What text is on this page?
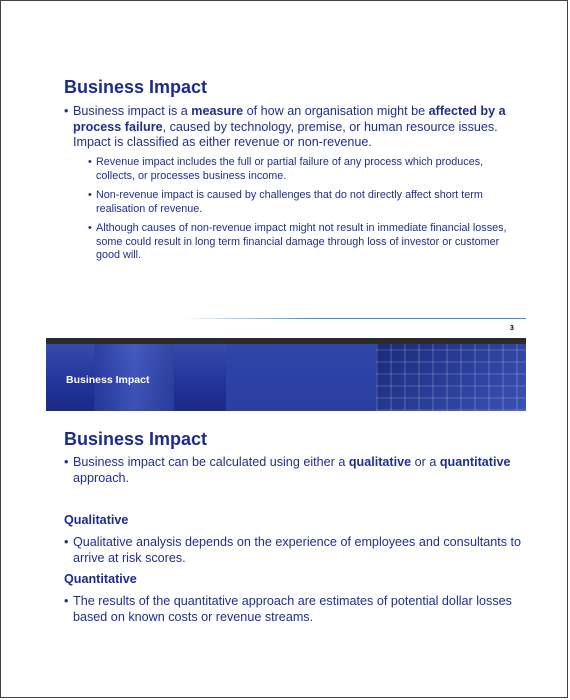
Business Impact
• Business impact is a measure of how an organisation might be affected by a process failure, caused by technology, premise, or human resource issues. Impact is classified as either revenue or non-revenue.
• Revenue impact includes the full or partial failure of any process which produces, collects, or processes business income.
• Non-revenue impact is caused by challenges that do not directly affect short term realisation of revenue.
• Although causes of non-revenue impact might not result in immediate financial losses, some could result in long term financial damage through loss of investor or customer good will.
3
Business Impact
Business Impact
• Business impact can be calculated using either a qualitative or a quantitative approach.
Qualitative
• Qualitative analysis depends on the experience of employees and consultants to arrive at risk scores.
Quantitative
• The results of the quantitative approach are estimates of potential dollar losses based on known costs or revenue streams.
